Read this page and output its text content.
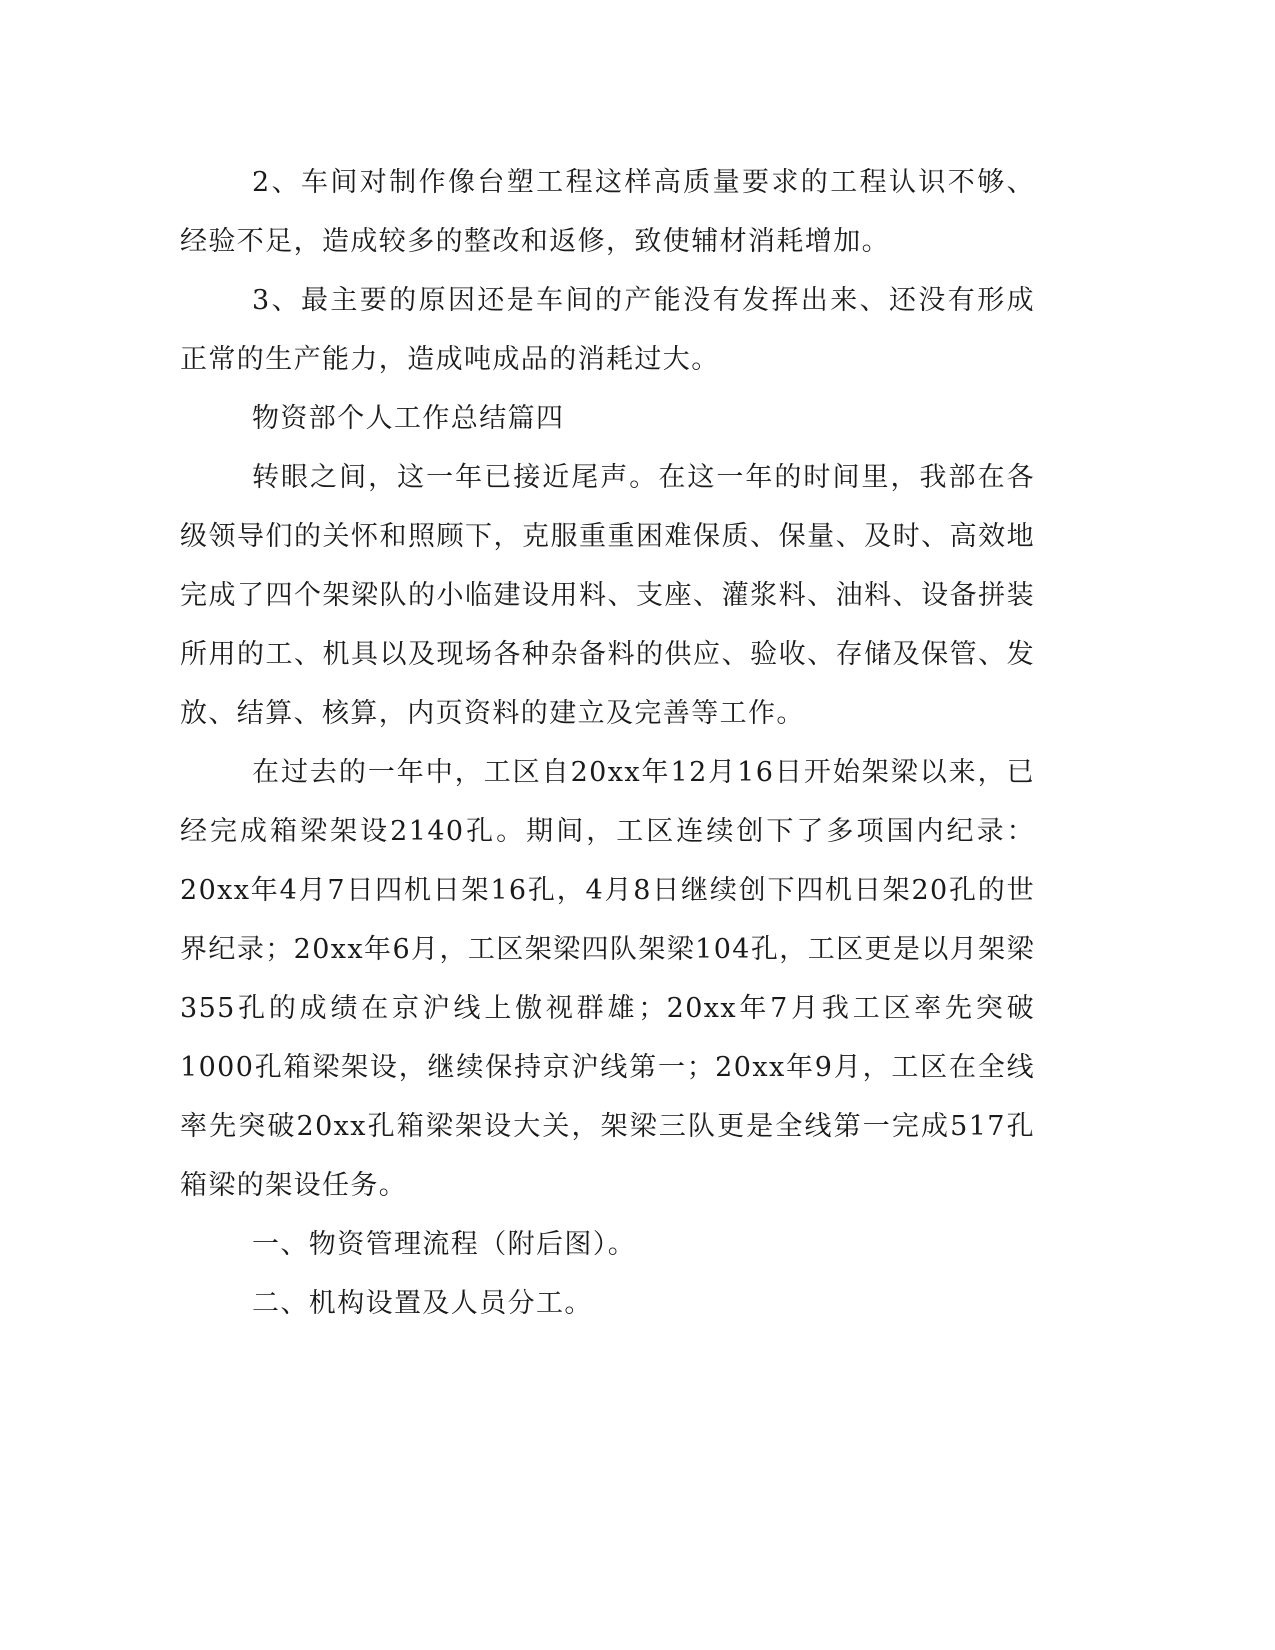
2、车间对制作像台塑工程这样高质量要求的工程认识不够、经验不足，造成较多的整改和返修，致使辅材消耗增加。

3、最主要的原因还是车间的产能没有发挥出来、还没有形成正常的生产能力，造成吨成品的消耗过大。

物资部个人工作总结篇四

转眼之间，这一年已接近尾声。在这一年的时间里，我部在各级领导们的关怀和照顾下，克服重重困难保质、保量、及时、高效地完成了四个架梁队的小临建设用料、支座、灌浆料、油料、设备拼装所用的工、机具以及现场各种杂备料的供应、验收、存储及保管、发放、结算、核算，内页资料的建立及完善等工作。

在过去的一年中，工区自20xx年12月16日开始架梁以来，已经完成箱梁架设2140孔。期间，工区连续创下了多项国内纪录：20xx年4月7日四机日架16孔，4月8日继续创下四机日架20孔的世界纪录；20xx年6月，工区架梁四队架梁104孔，工区更是以月架梁355孔的成绩在京沪线上傲视群雄；20xx年7月我工区率先突破1000孔箱梁架设，继续保持京沪线第一；20xx年9月，工区在全线率先突破20xx孔箱梁架设大关，架梁三队更是全线第一完成517孔箱梁的架设任务。

一、物资管理流程（附后图）。

二、机构设置及人员分工。
